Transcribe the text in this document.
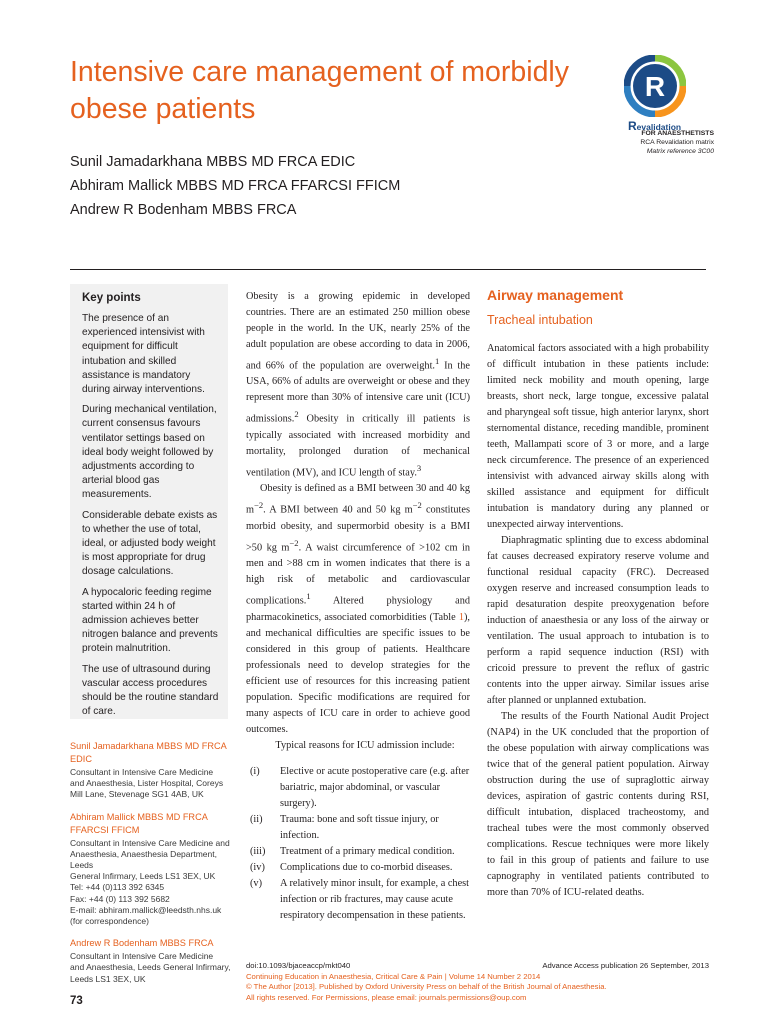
Intensive care management of morbidly obese patients
Sunil Jamadarkhana MBBS MD FRCA EDIC
Abhiram Mallick MBBS MD FRCA FFARCSI FFICM
Andrew R Bodenham MBBS FRCA
R
Revalidation
FOR ANAESTHETISTS
RCA Revalidation matrix
Matrix reference 3C00
Key points

The presence of an experienced intensivist with equipment for difficult intubation and skilled assistance is mandatory during airway interventions.

During mechanical ventilation, current consensus favours ventilator settings based on ideal body weight followed by adjustments according to arterial blood gas measurements.

Considerable debate exists as to whether the use of total, ideal, or adjusted body weight is most appropriate for drug dosage calculations.

A hypocaloric feeding regime started within 24 h of admission achieves better nitrogen balance and prevents protein malnutrition.

The use of ultrasound during vascular access procedures should be the routine standard of care.

Sunil Jamadarkhana MBBS MD FRCA EDIC
Consultant in Intensive Care Medicine
and Anaesthesia, Lister Hospital, Coreys
Mill Lane, Stevenage SG1 4AB, UK
Abhiram Mallick MBBS MD FRCA FFARCSI FFICM
Consultant in Intensive Care Medicine and
Anaesthesia, Anaesthesia Department, Leeds
General Infirmary, Leeds LS1 3EX, UK
Tel: +44 (0)113 392 6345
Fax: +44 (0) 113 392 5682
E-mail: abhiram.mallick@leedsth.nhs.uk
(for correspondence)
Andrew R Bodenham MBBS FRCA
Consultant in Intensive Care Medicine
and Anaesthesia, Leeds General Infirmary,
Leeds LS1 3EX, UK
73

Obesity is a growing epidemic in developed countries. There are an estimated 250 million obese people in the world. In the UK, nearly 25% of the adult population are obese according to data in 2006, and 66% of the population are overweight.$^1$ In the USA, 66% of adults are overweight or obese and they represent more than 30% of intensive care unit (ICU) admissions.$^2$ Obesity in critically ill patients is typically associated with increased morbidity and mortality, prolonged duration of mechanical ventilation (MV), and ICU length of stay.$^3$

Obesity is defined as a BMI between 30 and 40 kg $m^{-2}$. A BMI between 40 and 50 kg $m^{-2}$ constitutes morbid obesity, and supermorbid obesity is a BMI >50 kg $m^{-2}$. A waist circumference of >102 cm in men and >88 cm in women indicates that there is a high risk of metabolic and cardiovascular complications.$^1$ Altered physiology and pharmacokinetics, associated comorbidities (Table 1), and mechanical difficulties are specific issues to be considered in this group of patients. Healthcare professionals need to develop strategies for the efficient use of resources for this increasing patient population. Specific modifications are required for many aspects of ICU care in order to achieve good outcomes.

Typical reasons for ICU admission include:

(i) Elective or acute postoperative care (e.g. after bariatric, major abdominal, or vascular surgery).
(ii) Trauma: bone and soft tissue injury, or infection.
(iii) Treatment of a primary medical condition.
(iv) Complications due to co-morbid diseases.
(v) A relatively minor insult, for example, a chest infection or rib fractures, may cause acute respiratory decompensation in these patients.
Airway management
Tracheal intubation

Anatomical factors associated with a high probability of difficult intubation in these patients include: limited neck mobility and mouth opening, large breasts, short neck, large tongue, excessive palatal and pharyngeal soft tissue, high anterior larynx, short sternomental distance, receding mandible, prominent teeth, Mallampati score of 3 or more, and a large neck circumference. The presence of an experienced intensivist with advanced airway skills along with skilled assistance and equipment for difficult intubation is mandatory during any planned or unexpected airway interventions.

Diaphragmatic splinting due to excess abdominal fat causes decreased expiratory reserve volume and functional residual capacity (FRC). Decreased oxygen reserve and increased consumption leads to rapid desaturation despite preoxygenation before induction of anaesthesia or any loss of the airway or ventilation. The usual approach to intubation is to perform a rapid sequence induction (RSI) with cricoid pressure to prevent the reflux of gastric contents into the upper airway. Similar issues arise after planned or unplanned extubation.

The results of the Fourth National Audit Project (NAP4) in the UK concluded that the proportion of the obese population with airway complications was twice that of the general patient population. Airway obstruction during the use of supraglottic airway devices, aspiration of gastric contents during RSI, difficult intubation, displaced tracheostomy, and tracheal tubes were the most commonly observed complications. Rescue techniques were more likely to fail in this group of patients and failure to use capnography in ventilated patients contributed to more than 70% of ICU-related deaths.

doi:10.1093/bjaceaccp/mkt040	Advance Access publication 26 September, 2013
Continuing Education in Anaesthesia, Critical Care & Pain | Volume 14 Number 2 2014
© The Author [2013]. Published by Oxford University Press on behalf of the British Journal of Anaesthesia.
All rights reserved. For Permissions, please email: journals.permissions@oup.com
